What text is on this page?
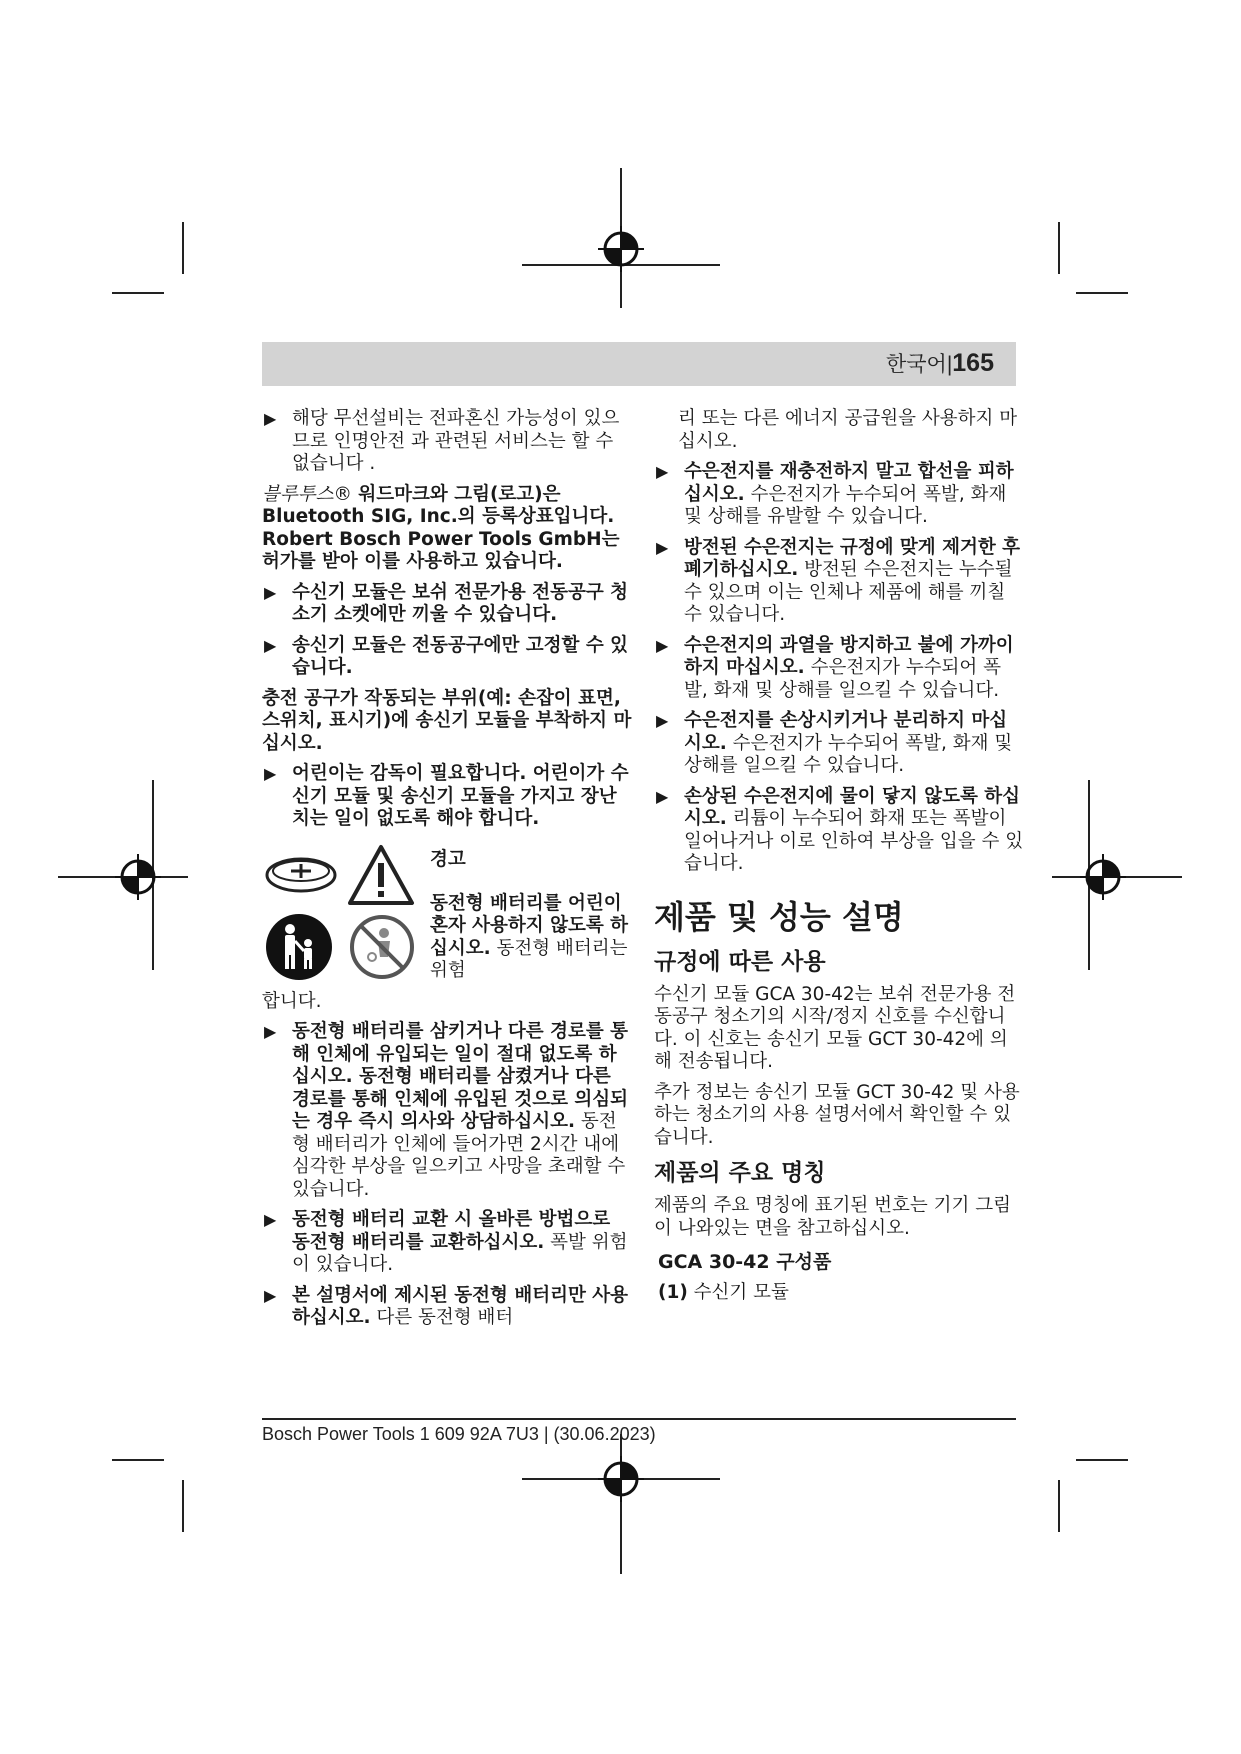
한국어|165
▶ 해당 무선설비는 전파혼신 가능성이 있으므로 인명안전 과 관련된 서비스는 할 수 없습니다 .

블루투스® 워드마크와 그림(로고)은 Bluetooth SIG, Inc.의 등록상표입니다. Robert Bosch Power Tools GmbH는 허가를 받아 이를 사용하고 있습니다.

▶ 수신기 모듈은 보쉬 전문가용 전동공구 청소기 소켓에만 끼울 수 있습니다.
▶ 송신기 모듈은 전동공구에만 고정할 수 있습니다.

충전 공구가 작동되는 부위(예: 손잡이 표면, 스위치, 표시기)에 송신기 모듈을 부착하지 마십시오.

▶ 어린이는 감독이 필요합니다. 어린이가 수신기 모듈 및 송신기 모듈을 가지고 장난치는 일이 없도록 해야 합니다.
경고
동전형 배터리를 어린이 혼자 사용하지 않도록 하십시오. 동전형 배터리는 위험

합니다.

▶ 동전형 배터리를 삼키거나 다른 경로를 통해 인체에 유입되는 일이 절대 없도록 하십시오. 동전형 배터리를 삼켰거나 다른 경로를 통해 인체에 유입된 것으로 의심되는 경우 즉시 의사와 상담하십시오. 동전형 배터리가 인체에 들어가면 2시간 내에 심각한 부상을 일으키고 사망을 초래할 수 있습니다.
▶ 동전형 배터리 교환 시 올바른 방법으로 동전형 배터리를 교환하십시오. 폭발 위험이 있습니다.
▶ 본 설명서에 제시된 동전형 배터리만 사용하십시오. 다른 동전형 배터

리 또는 다른 에너지 공급원을 사용하지 마십시오.

▶ 수은전지를 재충전하지 말고 합선을 피하십시오. 수은전지가 누수되어 폭발, 화재 및 상해를 유발할 수 있습니다.
▶ 방전된 수은전지는 규정에 맞게 제거한 후 폐기하십시오. 방전된 수은전지는 누수될 수 있으며 이는 인체나 제품에 해를 끼칠 수 있습니다.
▶ 수은전지의 과열을 방지하고 불에 가까이 하지 마십시오. 수은전지가 누수되어 폭발, 화재 및 상해를 일으킬 수 있습니다.
▶ 수은전지를 손상시키거나 분리하지 마십시오. 수은전지가 누수되어 폭발, 화재 및 상해를 일으킬 수 있습니다.
▶ 손상된 수은전지에 물이 닿지 않도록 하십시오. 리튬이 누수되어 화재 또는 폭발이 일어나거나 이로 인하여 부상을 입을 수 있습니다.
제품 및 성능 설명
규정에 따른 사용

수신기 모듈 GCA 30-42는 보쉬 전문가용 전동공구 청소기의 시작/정지 신호를 수신합니다. 이 신호는 송신기 모듈 GCT 30-42에 의해 전송됩니다.

추가 정보는 송신기 모듈 GCT 30-42 및 사용하는 청소기의 사용 설명서에서 확인할 수 있습니다.

제품의 주요 명칭

제품의 주요 명칭에 표기된 번호는 기기 그림이 나와있는 면을 참고하십시오.

GCA 30-42 구성품

(1) 수신기 모듈

Bosch Power Tools 1 609 92A 7U3 | (30.06.2023)
